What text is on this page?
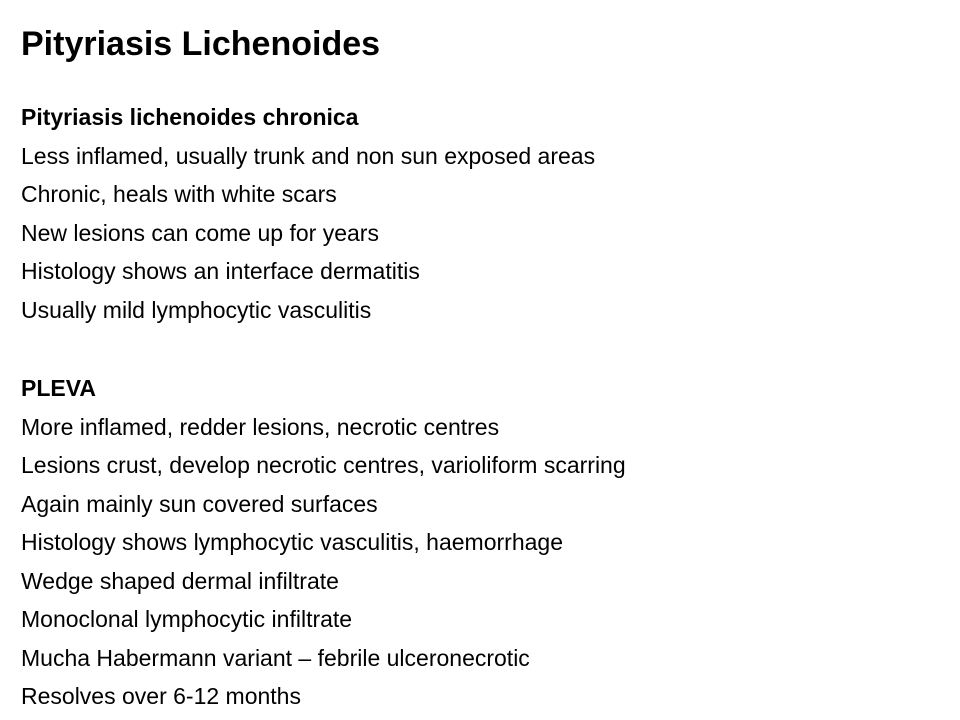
Pityriasis Lichenoides
Pityriasis lichenoides chronica
Less inflamed, usually trunk and non sun exposed areas
Chronic, heals with white scars
New lesions can come up for years
Histology shows an interface dermatitis
Usually mild lymphocytic vasculitis
PLEVA
More inflamed, redder lesions, necrotic centres
Lesions crust, develop necrotic centres, varioliform scarring
Again mainly sun covered surfaces
Histology shows lymphocytic vasculitis, haemorrhage
Wedge shaped dermal infiltrate
Monoclonal lymphocytic infiltrate
Mucha Habermann variant – febrile ulceronecrotic
Resolves over 6-12 months
